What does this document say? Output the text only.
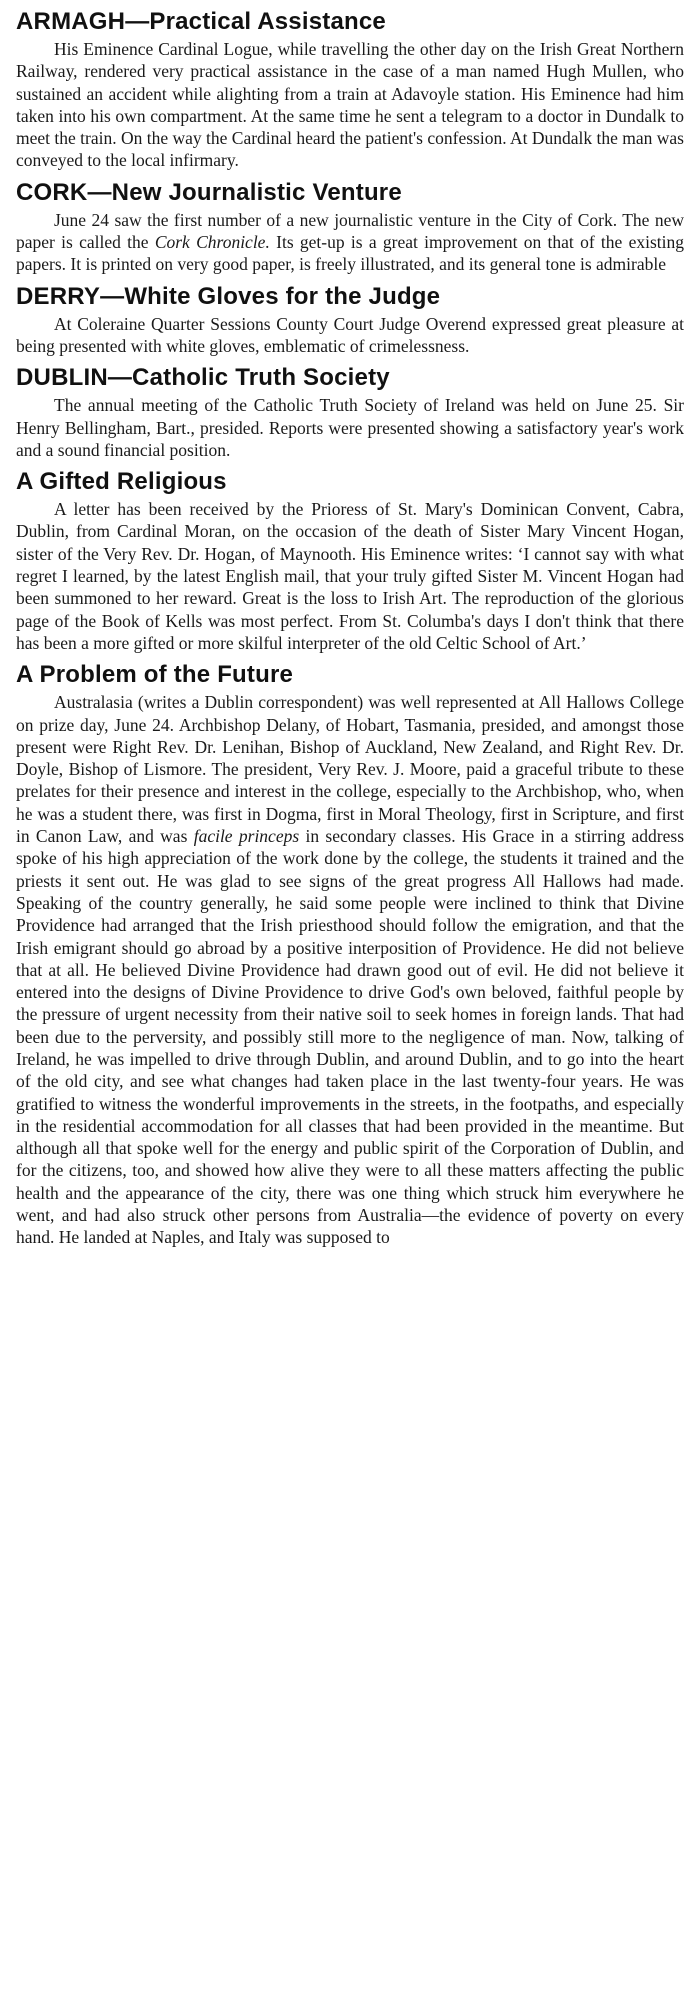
ARMAGH—Practical Assistance

His Eminence Cardinal Logue, while travelling the other day on the Irish Great Northern Railway, rendered very practical assistance in the case of a man named Hugh Mullen, who sustained an accident while alighting from a train at Adavoyle station. His Eminence had him taken into his own compartment. At the same time he sent a telegram to a doctor in Dundalk to meet the train. On the way the Cardinal heard the patient's confession. At Dundalk the man was conveyed to the local infirmary.

CORK—New Journalistic Venture

June 24 saw the first number of a new journalistic venture in the City of Cork. The new paper is called the Cork Chronicle. Its get-up is a great improvement on that of the existing papers. It is printed on very good paper, is freely illustrated, and its general tone is admirable

DERRY—White Gloves for the Judge

At Coleraine Quarter Sessions County Court Judge Overend expressed great pleasure at being presented with white gloves, emblematic of crimelessness.

DUBLIN—Catholic Truth Society

The annual meeting of the Catholic Truth Society of Ireland was held on June 25. Sir Henry Bellingham, Bart., presided. Reports were presented showing a satisfactory year's work and a sound financial position.

A Gifted Religious

A letter has been received by the Prioress of St. Mary's Dominican Convent, Cabra, Dublin, from Cardinal Moran, on the occasion of the death of Sister Mary Vincent Hogan, sister of the Very Rev. Dr. Hogan, of Maynooth. His Eminence writes: ‘I cannot say with what regret I learned, by the latest English mail, that your truly gifted Sister M. Vincent Hogan had been summoned to her reward. Great is the loss to Irish Art. The reproduction of the glorious page of the Book of Kells was most perfect. From St. Columba's days I don't think that there has been a more gifted or more skilful interpreter of the old Celtic School of Art.’

A Problem of the Future

Australasia (writes a Dublin correspondent) was well represented at All Hallows College on prize day, June 24. Archbishop Delany, of Hobart, Tasmania, presided, and amongst those present were Right Rev. Dr. Lenihan, Bishop of Auckland, New Zealand, and Right Rev. Dr. Doyle, Bishop of Lismore. The president, Very Rev. J. Moore, paid a graceful tribute to these prelates for their presence and interest in the college, especially to the Archbishop, who, when he was a student there, was first in Dogma, first in Moral Theology, first in Scripture, and first in Canon Law, and was facile princeps in secondary classes. His Grace in a stirring address spoke of his high appreciation of the work done by the college, the students it trained and the priests it sent out. He was glad to see signs of the great progress All Hallows had made. Speaking of the country generally, he said some people were inclined to think that Divine Providence had arranged that the Irish priesthood should follow the emigration, and that the Irish emigrant should go abroad by a positive interposition of Providence. He did not believe that at all. He believed Divine Providence had drawn good out of evil. He did not believe it entered into the designs of Divine Providence to drive God's own beloved, faithful people by the pressure of urgent necessity from their native soil to seek homes in foreign lands. That had been due to the perversity, and possibly still more to the negligence of man. Now, talking of Ireland, he was impelled to drive through Dublin, and around Dublin, and to go into the heart of the old city, and see what changes had taken place in the last twenty-four years. He was gratified to witness the wonderful improvements in the streets, in the footpaths, and especially in the residential accommodation for all classes that had been provided in the meantime. But although all that spoke well for the energy and public spirit of the Corporation of Dublin, and for the citizens, too, and showed how alive they were to all these matters affecting the public health and the appearance of the city, there was one thing which struck him everywhere he went, and had also struck other persons from Australia—the evidence of poverty on every hand. He landed at Naples, and Italy was supposed to
